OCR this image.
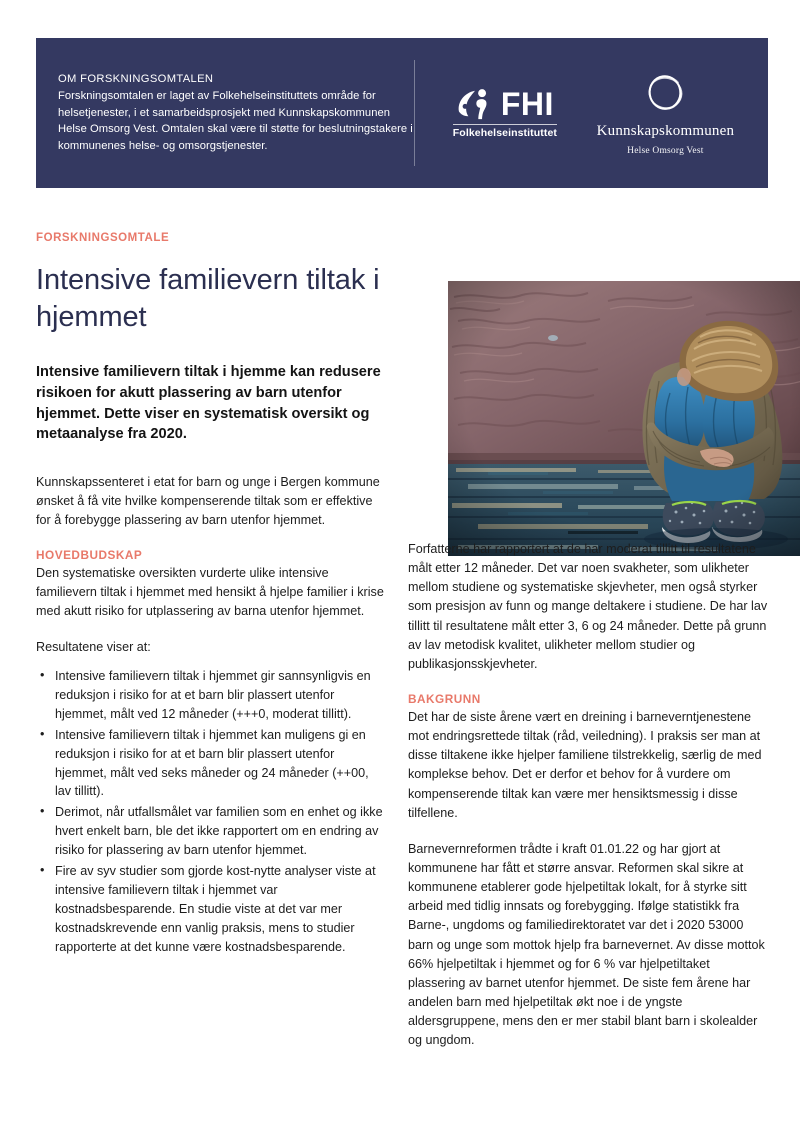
OM FORSKNINGSOMTALEN
Forskningsomtalen er laget av Folkehelseinstituttets område for helsetjenester, i et samarbeidsprosjekt med Kunnskapskommunen Helse Omsorg Vest. Omtalen skal være til støtte for beslutningstakere i kommunenes helse- og omsorgstjenester.
FHI
Folkehelseinstituttet	Kunnskapskommunen
Helse Omsorg Vest

FORSKNINGSOMTALE

Intensive familievern tiltak i hjemmet

Intensive familievern tiltak i hjemme kan redusere risikoen for akutt plassering av barn utenfor hjemmet. Dette viser en systematisk oversikt og metaanalyse fra 2020.

Kunnskapssenteret i etat for barn og unge i Bergen kommune ønsket å få vite hvilke kompenserende tiltak som er effektive for å forebygge plassering av barn utenfor hjemmet.

HOVEDBUDSKAP

Den systematiske oversikten vurderte ulike intensive familievern tiltak i hjemmet med hensikt å hjelpe familier i krise med akutt risiko for utplassering av barna utenfor hjemmet.

Resultatene viser at:

• Intensive familievern tiltak i hjemmet gir sannsynligvis en reduksjon i risiko for at et barn blir plassert utenfor hjemmet, målt ved 12 måneder (+++0, moderat tillitt).
• Intensive familievern tiltak i hjemmet kan muligens gi en reduksjon i risiko for at et barn blir plassert utenfor hjemmet, målt ved seks måneder og 24 måneder (++00, lav tillitt).
• Derimot, når utfallsmålet var familien som en enhet og ikke hvert enkelt barn, ble det ikke rapportert om en endring av risiko for plassering av barn utenfor hjemmet.
• Fire av syv studier som gjorde kost-nytte analyser viste at intensive familievern tiltak i hjemmet var kostnadsbesparende. En studie viste at det var mer kostnadskrevende enn vanlig praksis, mens to studier rapporterte at det kunne være kostnadsbesparende.

Forfatterne har rapportert at de har moderat tillitt til resultatene målt etter 12 måneder. Det var noen svakheter, som ulikheter mellom studiene og systematiske skjevheter, men også styrker som presisjon av funn og mange deltakere i studiene. De har lav tillitt til resultatene målt etter 3, 6 og 24 måneder. Dette på grunn av lav metodisk kvalitet, ulikheter mellom studier og publikasjonsskjevheter.

BAKGRUNN

Det har de siste årene vært en dreining i barneverntjenestene mot endringsrettede tiltak (råd, veiledning). I praksis ser man at disse tiltakene ikke hjelper familiene tilstrekkelig, særlig de med komplekse behov. Det er derfor et behov for å vurdere om kompenserende tiltak kan være mer hensiktsmessig i disse tilfellene.

Barnevernreformen trådte i kraft 01.01.22 og har gjort at kommunene har fått et større ansvar. Reformen skal sikre at kommunene etablerer gode hjelpetiltak lokalt, for å styrke sitt arbeid med tidlig innsats og forebygging. Ifølge statistikk fra Barne-, ungdoms og familiedirektoratet var det i 2020 53000 barn og unge som mottok hjelp fra barnevernet. Av disse mottok 66% hjelpetiltak i hjemmet og for 6 % var hjelpetiltaket plassering av barnet utenfor hjemmet. De siste fem årene har andelen barn med hjelpetiltak økt noe i de yngste aldersgruppene, mens den er mer stabil blant barn i skolealder og ungdom.
